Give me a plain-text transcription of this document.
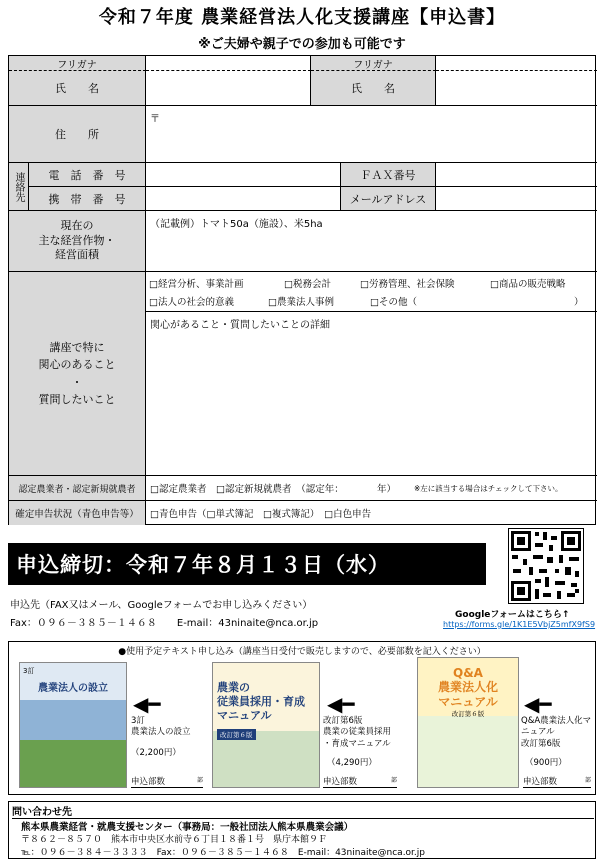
令和７年度 農業経営法人化支援講座【申込書】
※ご夫婦や親子での参加も可能です
フリガナ	フリガナ
氏　　名	氏　　名
住　　所
〒
連絡先	電　話　番　号	ＦＡＸ番号
携　帯　番　号	メールアドレス
現在の
主な経営作物・
経営面積
（記載例）トマト50a（施設）、米5ha
講座で特に
関心のあること
・
質問したいこと
□経営分析、事業計画	□税務会計	□労務管理、社会保険	□商品の販売戦略
□法人の社会的意義	□農業法人事例	□その他（	）
関心があること・質問したいことの詳細
認定農業者・認定新規就農者	□認定農業者　□認定新規就農者　（認定年：　　　　年） ※左に該当する場合はチェックして下さい。
確定申告状況（青色申告等）	□青色申告（□単式簿記　□複式簿記）　□白色申告
申込締切：令和７年８月１３日（水）
Googleフォームはこちら↑
https://forms.gle/1K1E5VbjZ5mfX9fS9
申込先（FAX又はメール、Googleフォームでお申し込みください）
Fax：０９６－３８５－１４６８　　E-mail：43ninaite@nca.or.jp
●使用予定テキスト申し込み（講座当日受付で販売しますので、必要部数を記入ください）
3訂
農業法人の設立
◀━
3訂
農業法人の設立
（2,200円）
申込部数	部
農業の
従業員採用・育成
マニュアル
改訂第６版
◀━
改訂第6版
農業の従業員採用
・育成マニュアル
（4,290円）
申込部数	部
Q&A
農業法人化
マニュアル
改訂第６版	◀━
Q&A農業法人化マ
ニュアル
改訂第6版
（900円）
申込部数	部
問い合わせ先
熊本県農業経営・就農支援センター（事務局：一般社団法人熊本県農業会議）
〒８６２－８５７０　熊本市中央区水前寺６丁目１８番１号　県庁本館９Ｆ
℡：０９６－３８４－３３３３　Fax：０９６－３８５－１４６８　E-mail：43ninaite@nca.or.jp
